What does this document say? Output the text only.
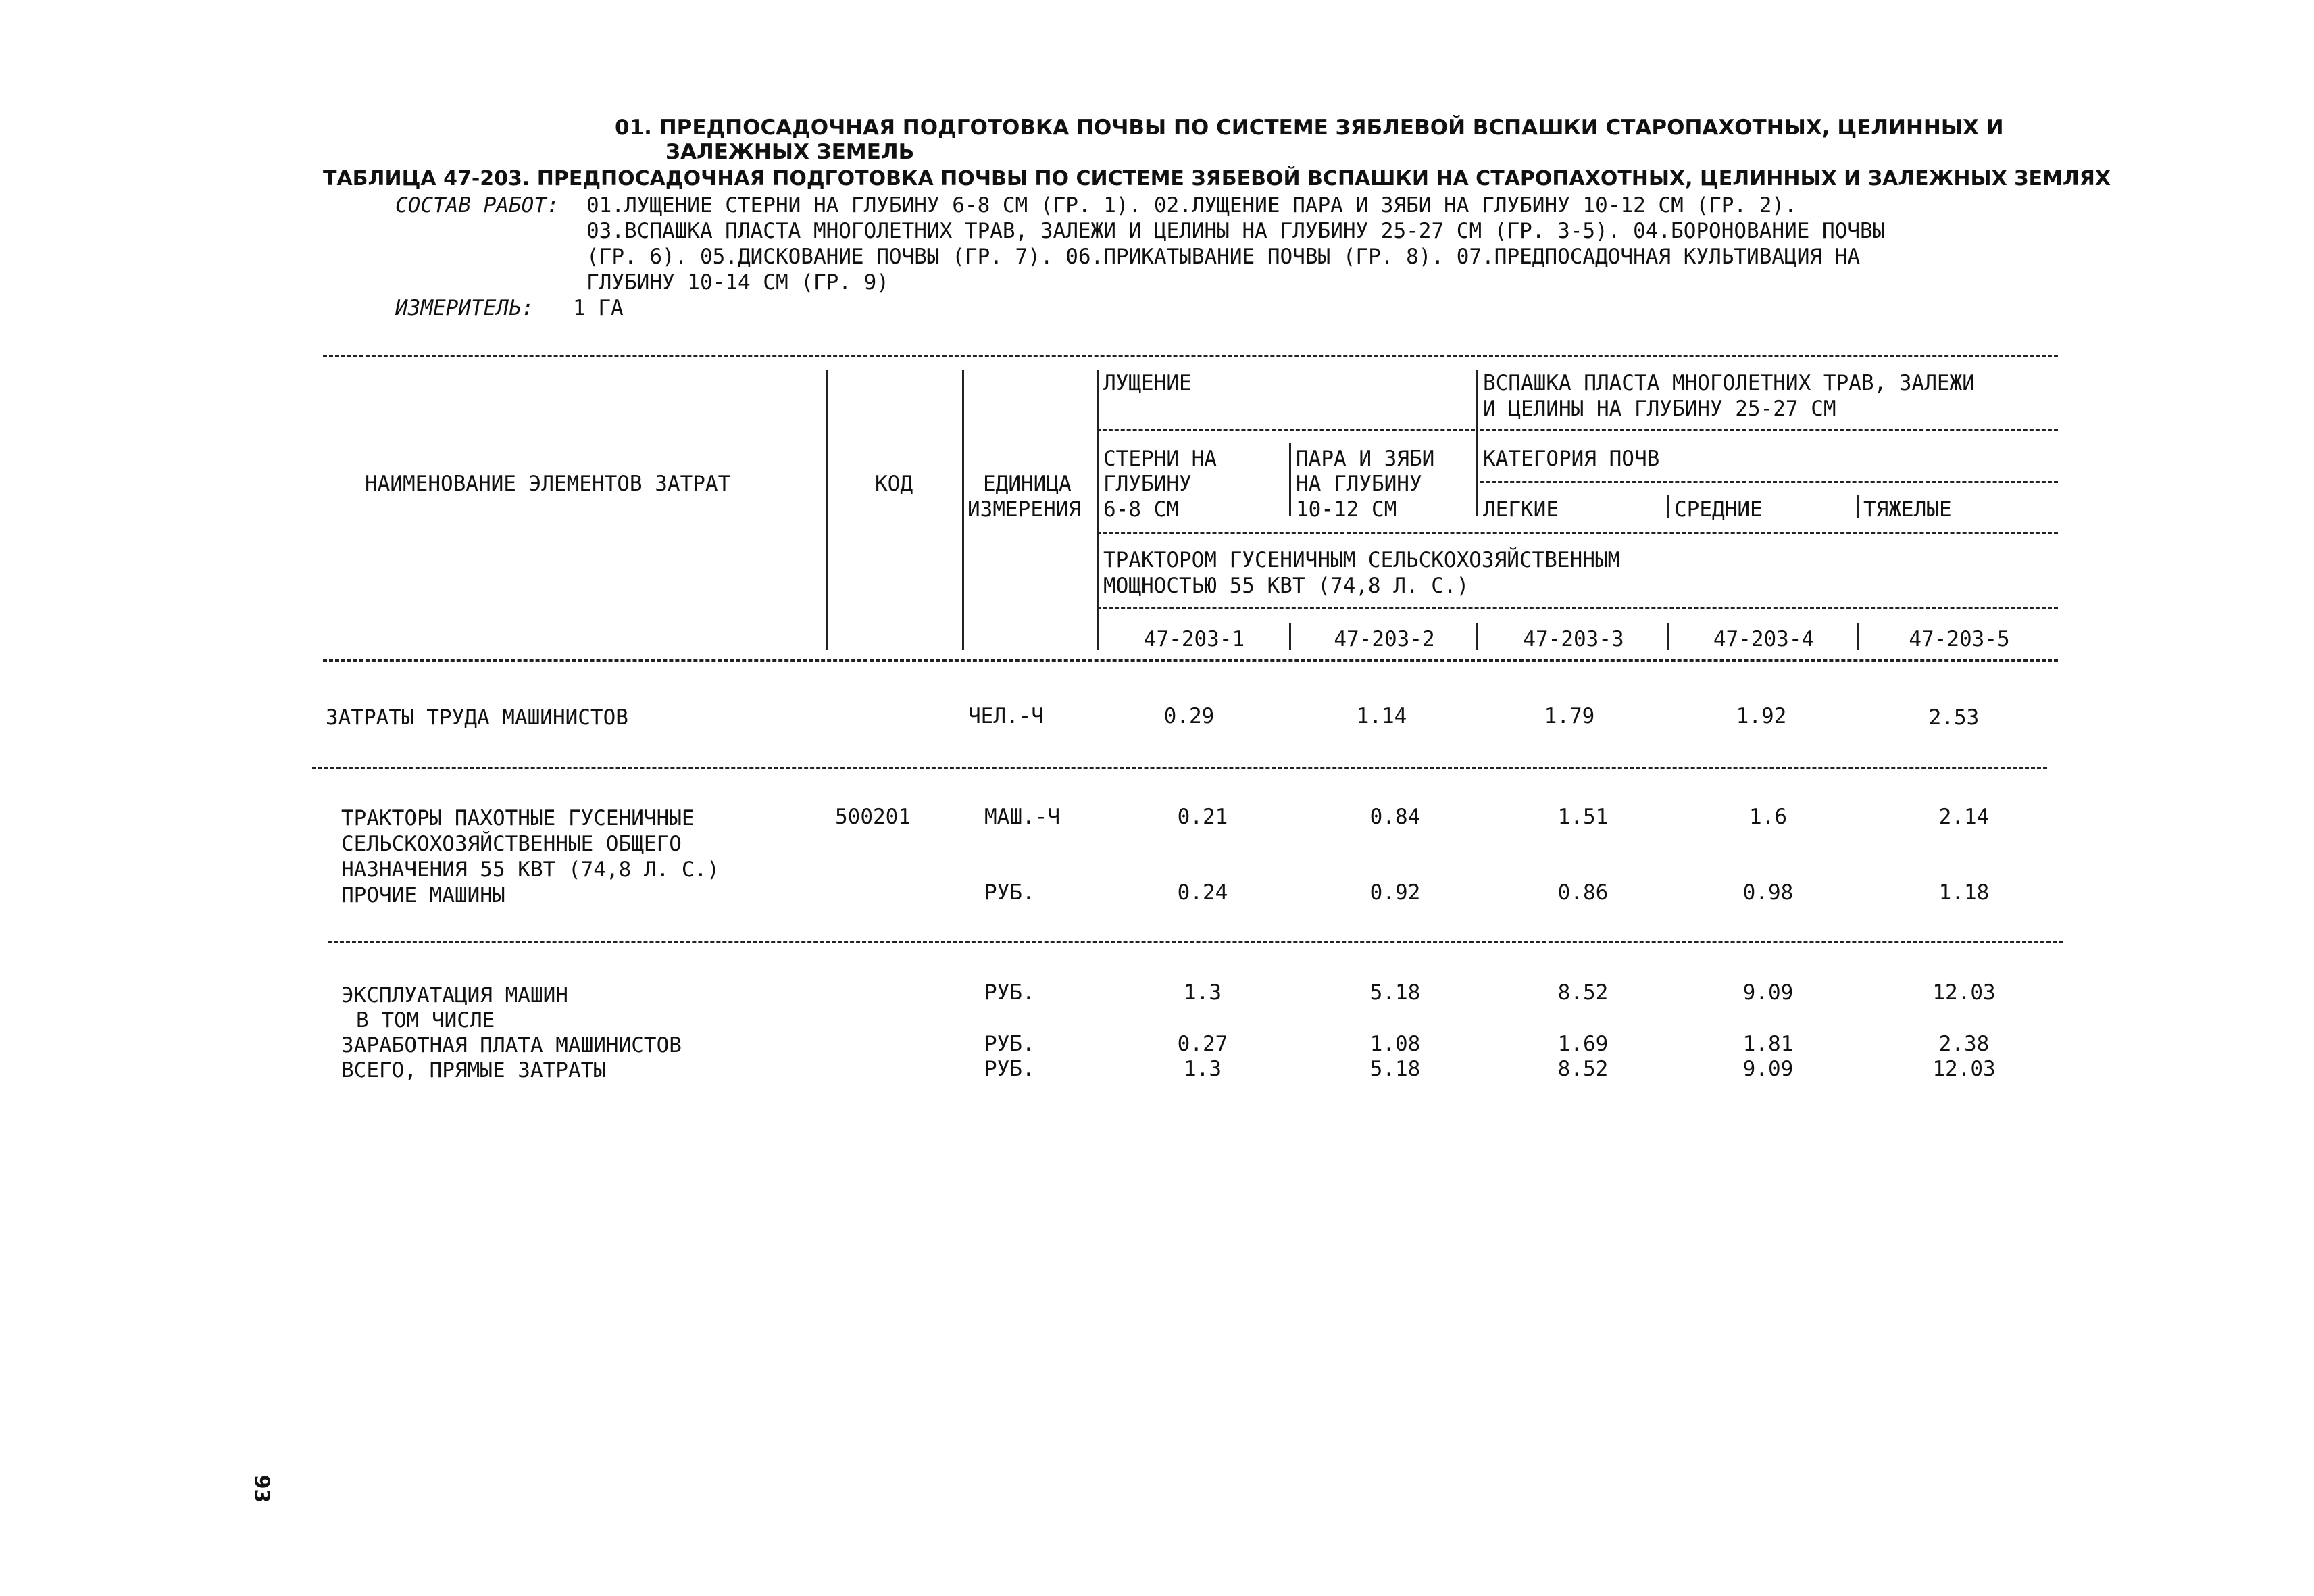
01. ПРЕДПОСАДОЧНАЯ ПОДГОТОВКА ПОЧВЫ ПО СИСТЕМЕ ЗЯБЛЕВОЙ ВСПАШКИ СТАРОПАХОТНЫХ, ЦЕЛИННЫХ И
ЗАЛЕЖНЫХ ЗЕМЕЛЬ
ТАБЛИЦА 47-203. ПРЕДПОСАДОЧНАЯ ПОДГОТОВКА ПОЧВЫ ПО СИСТЕМЕ ЗЯБЕВОЙ ВСПАШКИ НА СТАРОПАХОТНЫХ, ЦЕЛИННЫХ И ЗАЛЕЖНЫХ ЗЕМЛЯХ
СОСТАВ РАБОТ: 01.ЛУЩЕНИЕ СТЕРНИ НА ГЛУБИНУ 6-8 СМ (ГР. 1). 02.ЛУЩЕНИЕ ПАРА И ЗЯБИ НА ГЛУБИНУ 10-12 СМ (ГР. 2).
03.ВСПАШКА ПЛАСТА МНОГОЛЕТНИХ ТРАВ, ЗАЛЕЖИ И ЦЕЛИНЫ НА ГЛУБИНУ 25-27 СМ (ГР. 3-5). 04.БОРОНОВАНИЕ ПОЧВЫ
(ГР. 6). 05.ДИСКОВАНИЕ ПОЧВЫ (ГР. 7). 06.ПРИКАТЫВАНИЕ ПОЧВЫ (ГР. 8). 07.ПРЕДПОСАДОЧНАЯ КУЛЬТИВАЦИЯ НА
ГЛУБИНУ 10-14 СМ (ГР. 9)
ИЗМЕРИТЕЛЬ: 1 ГА
НАИМЕНОВАНИЕ ЭЛЕМЕНТОВ ЗАТРАТ	КОД	ЕДИНИЦА
ИЗМЕРЕНИЯ
ЛУЩЕНИЕ	ВСПАШКА ПЛАСТА МНОГОЛЕТНИХ ТРАВ, ЗАЛЕЖИ
И ЦЕЛИНЫ НА ГЛУБИНУ 25-27 СМ
СТЕРНИ НА
ГЛУБИНУ
6-8 СМ
ПАРА И ЗЯБИ
НА ГЛУБИНУ
10-12 СМ
КАТЕГОРИЯ ПОЧВ
ЛЕГКИЕ	СРЕДНИЕ	ТЯЖЕЛЫЕ
ТРАКТОРОМ ГУСЕНИЧНЫМ СЕЛЬСКОХОЗЯЙСТВЕННЫМ
МОЩНОСТЬЮ 55 КВТ (74,8 Л. С.)
47-203-1	47-203-2	47-203-3	47-203-4	47-203-5
ЗАТРАТЫ ТРУДА МАШИНИСТОВ	ЧЕЛ.-Ч	0.29	1.14	1.79	1.92	2.53
ТРАКТОРЫ ПАХОТНЫЕ ГУСЕНИЧНЫЕ
СЕЛЬСКОХОЗЯЙСТВЕННЫЕ ОБЩЕГО
НАЗНАЧЕНИЯ 55 КВТ (74,8 Л. С.)
500201	МАШ.-Ч	0.21	0.84	1.51	1.6	2.14
ПРОЧИЕ МАШИНЫ	РУБ.	0.24	0.92	0.86	0.98	1.18
ЭКСПЛУАТАЦИЯ МАШИН	РУБ.	1.3	5.18	8.52	9.09	12.03
В ТОМ ЧИСЛЕ
ЗАРАБОТНАЯ ПЛАТА МАШИНИСТОВ	РУБ.	0.27	1.08	1.69	1.81	2.38
ВСЕГО, ПРЯМЫЕ ЗАТРАТЫ	РУБ.	1.3	5.18	8.52	9.09	12.03
93
